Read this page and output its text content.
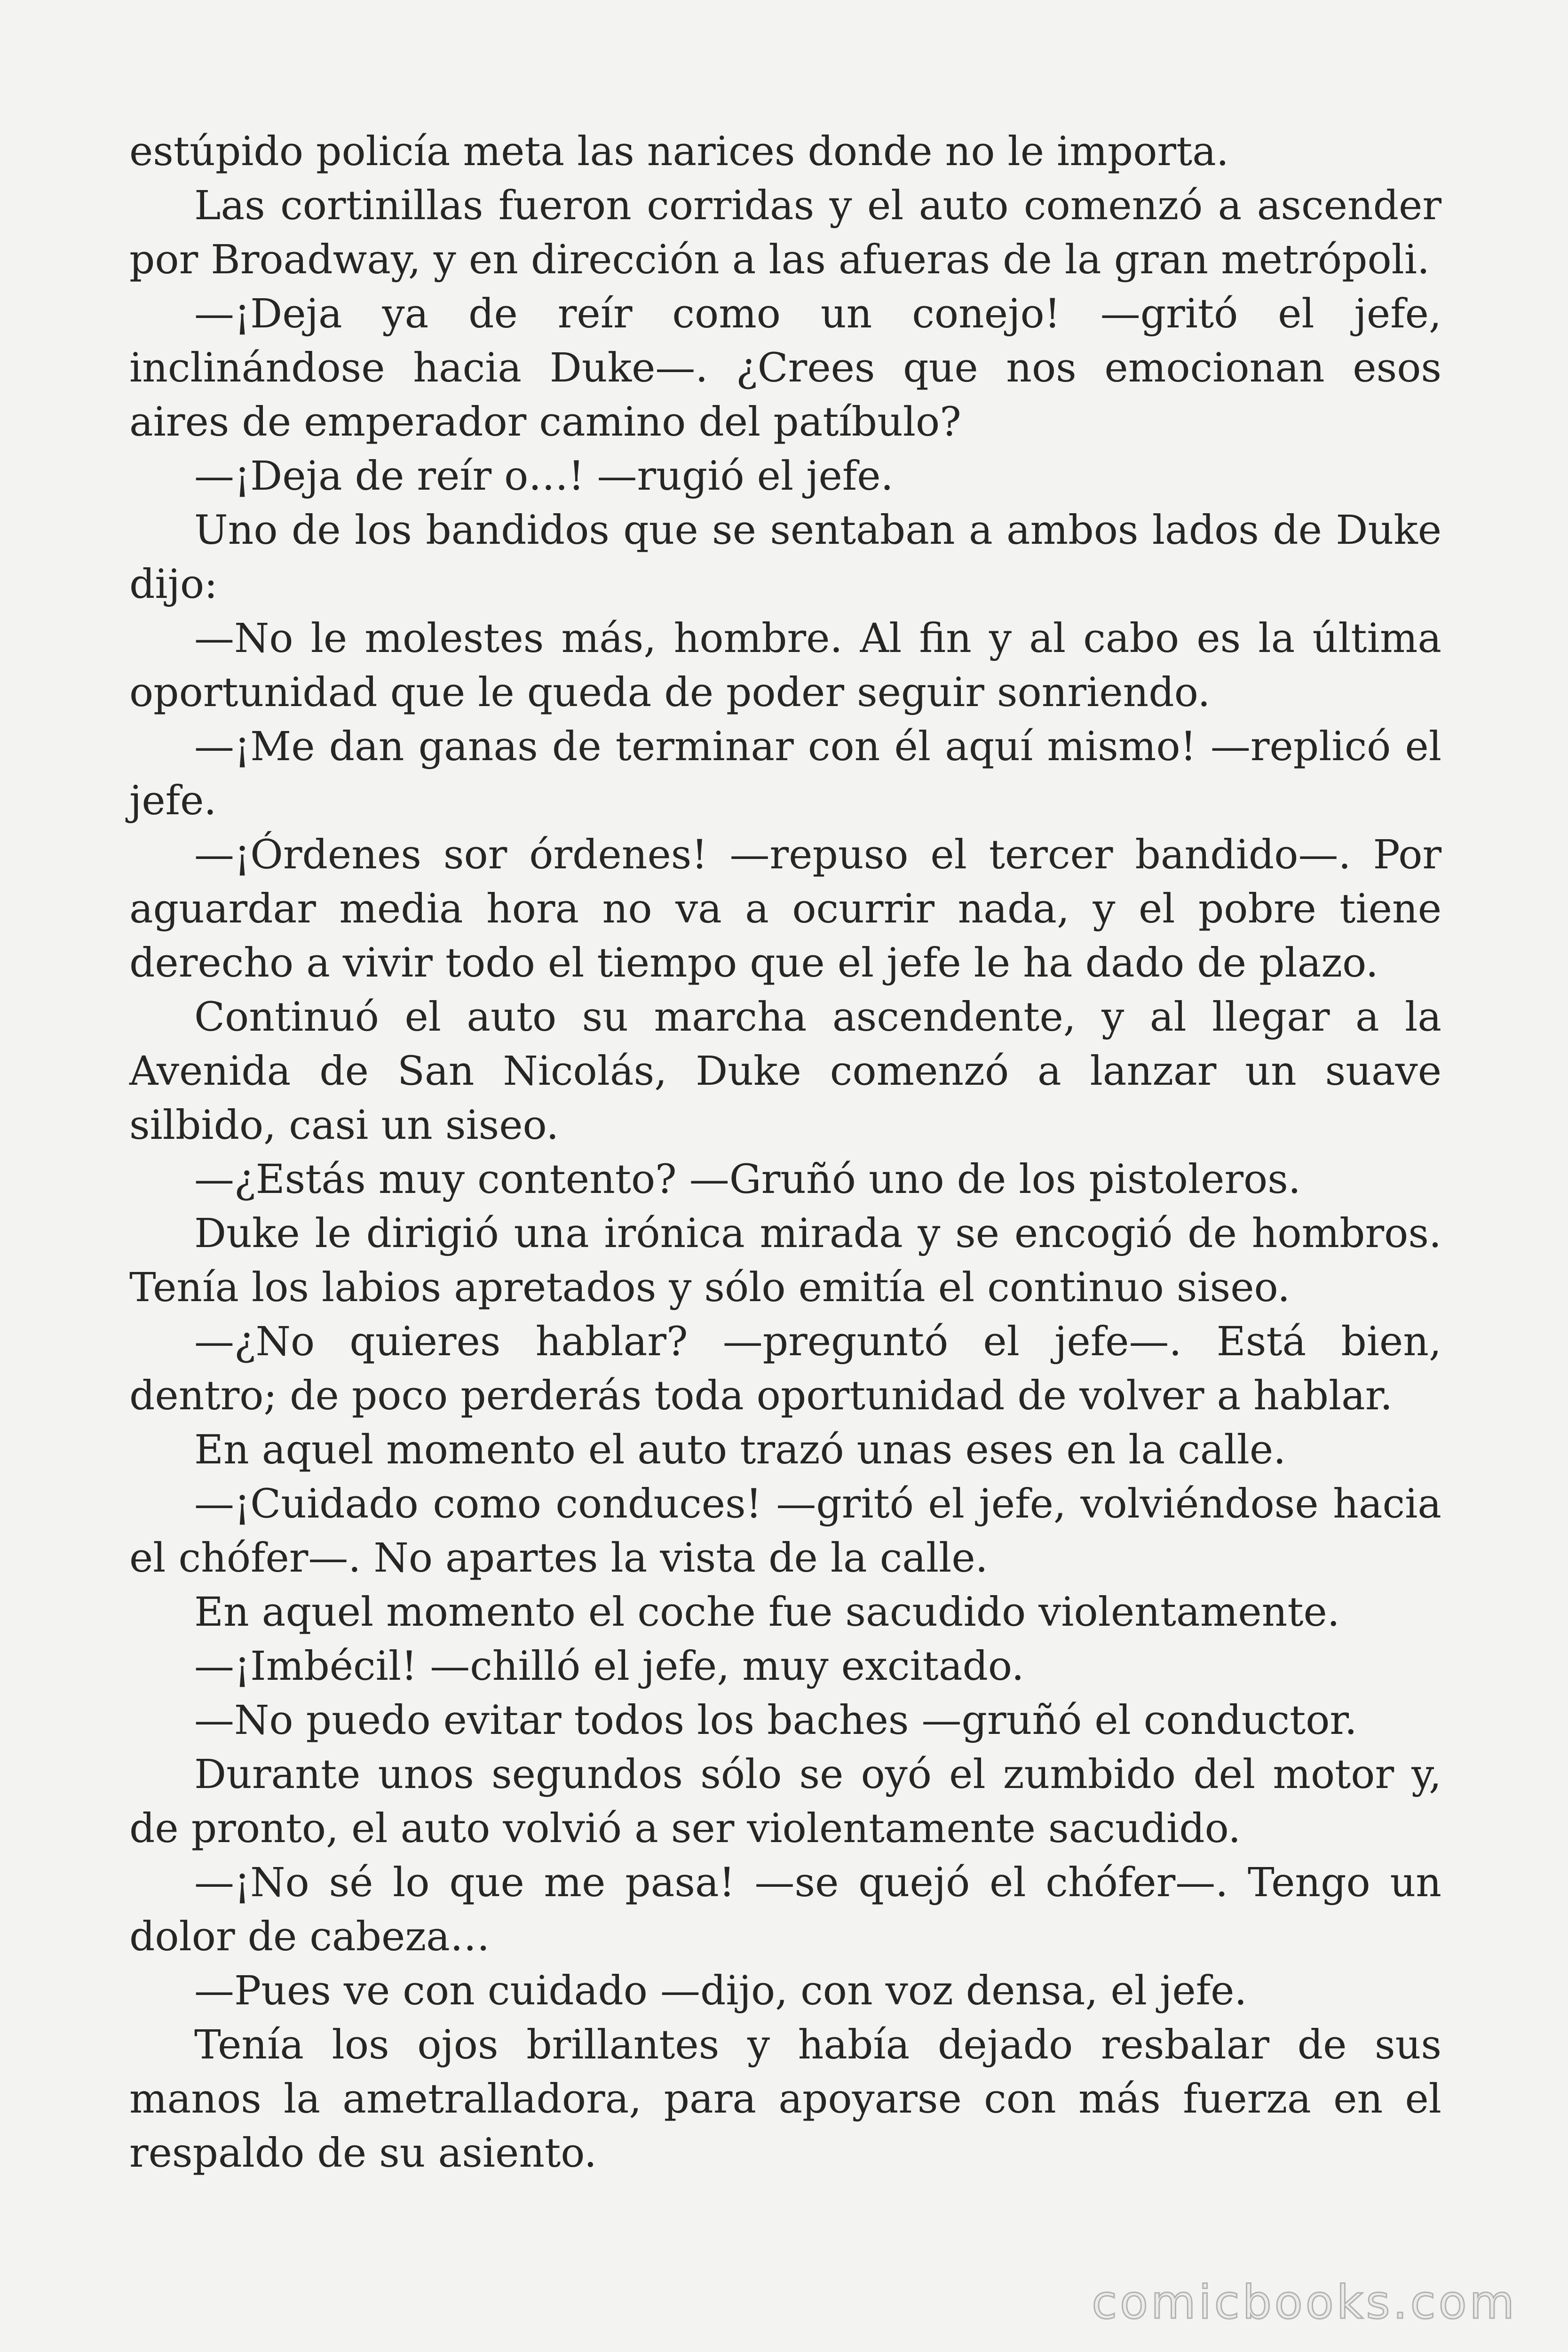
estúpido policía meta las narices donde no le importa.

Las cortinillas fueron corridas y el auto comenzó a ascender por Broadway, y en dirección a las afueras de la gran metrópoli.

—¡Deja ya de reír como un conejo! —gritó el jefe, inclinándose hacia Duke—. ¿Crees que nos emocionan esos aires de emperador camino del patíbulo?

—¡Deja de reír o…! —rugió el jefe.

Uno de los bandidos que se sentaban a ambos lados de Duke dijo:

—No le molestes más, hombre. Al fin y al cabo es la última oportunidad que le queda de poder seguir sonriendo.

—¡Me dan ganas de terminar con él aquí mismo! —replicó el jefe.

—¡Órdenes sor órdenes! —repuso el tercer bandido—. Por aguardar media hora no va a ocurrir nada, y el pobre tiene derecho a vivir todo el tiempo que el jefe le ha dado de plazo.

Continuó el auto su marcha ascendente, y al llegar a la Avenida de San Nicolás, Duke comenzó a lanzar un suave silbido, casi un siseo.

—¿Estás muy contento? —Gruñó uno de los pistoleros.

Duke le dirigió una irónica mirada y se encogió de hombros. Tenía los labios apretados y sólo emitía el continuo siseo.

—¿No quieres hablar? —preguntó el jefe—. Está bien, dentro; de poco perderás toda oportunidad de volver a hablar.

En aquel momento el auto trazó unas eses en la calle.

—¡Cuidado como conduces! —gritó el jefe, volviéndose hacia el chófer—. No apartes la vista de la calle.

En aquel momento el coche fue sacudido violentamente.

—¡Imbécil! —chilló el jefe, muy excitado.

—No puedo evitar todos los baches —gruñó el conductor.

Durante unos segundos sólo se oyó el zumbido del motor y, de pronto, el auto volvió a ser violentamente sacudido.

—¡No sé lo que me pasa! —se quejó el chófer—. Tengo un dolor de cabeza…

—Pues ve con cuidado —dijo, con voz densa, el jefe.

Tenía los ojos brillantes y había dejado resbalar de sus manos la ametralladora, para apoyarse con más fuerza en el respaldo de su asiento.

comicbooks.com
